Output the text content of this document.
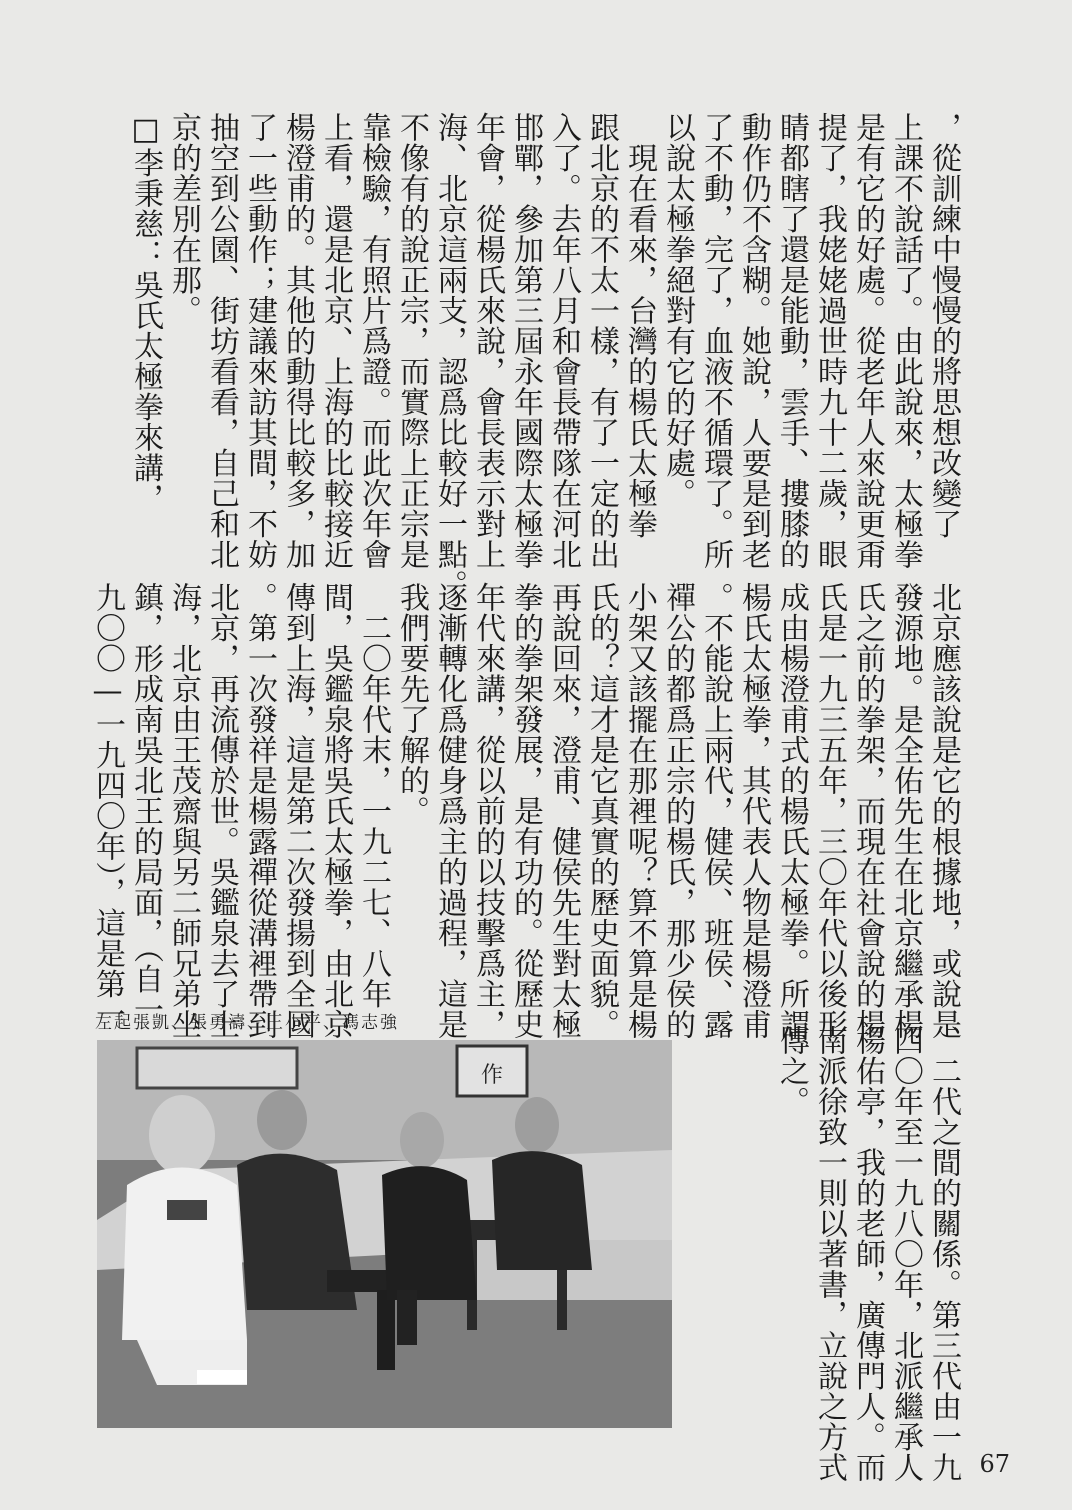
，從訓練中慢慢的將思想改變了
上課不說話了。由此說來，太極拳
是有它的好處。從老年人來說更甭
提了，我姥姥過世時九十二歲，眼
睛都瞎了還是能動，雲手、摟膝的
動作仍不含糊。她說，人要是到老
了不動，完了，血液不循環了。所
以說太極拳絕對有它的好處。
　現在看來，台灣的楊氏太極拳
跟北京的不太一樣，有了一定的出
入了。去年八月和會長帶隊在河北
邯鄲，參加第三屆永年國際太極拳
年會，從楊氏來說，會長表示對上
海、北京這兩支，認爲比較好一點。
不像有的說正宗，而實際上正宗是
靠檢驗，有照片爲證。而此次年會
上看，還是北京、上海的比較接近
楊澄甫的。其他的動得比較多，加
了一些動作；建議來訪其間，不妨
抽空到公園、街坊看看，自己和北
京的差別在那。
□李秉慈：吳氏太極拳來講，
北京應該說是它的根據地，或說是
發源地。是全佑先生在北京繼承楊
氏之前的拳架，而現在社會說的楊
氏是一九三五年，三〇年代以後形
成由楊澄甫式的楊氏太極拳。所謂
楊氏太極拳，其代表人物是楊澄甫
。不能說上兩代，健侯、班侯、露
禪公的都爲正宗的楊氏，那少侯的
小架又該擺在那裡呢？算不算是楊
氏的？這才是它真實的歷史面貌。
再說回來，澄甫、健侯先生對太極
拳的拳架發展，是有功的。從歷史
年代來講，從以前的以技擊爲主，
逐漸轉化爲健身爲主的過程，這是
我們要先了解的。
　二〇年代末，一九二七、八年
間，吳鑑泉將吳氏太極拳，由北京
傳到上海，這是第二次發揚到全國
。第一次發祥是楊露禪從溝裡帶到
北京，再流傳於世。吳鑑泉去了上
海，北京由王茂齋與另二師兄弟坐
鎮，形成南吳北王的局面，（自一
九〇〇—一九四〇年），這是第一
、二代之間的關係。第三代由一九
四〇年至一九八〇年，北派繼承人
楊佑亭，我的老師，廣傳門人。而
南派徐致一則以著書，立說之方式
傳之。
左起張凱、張勇濤、王小平、馮志強
作
67
